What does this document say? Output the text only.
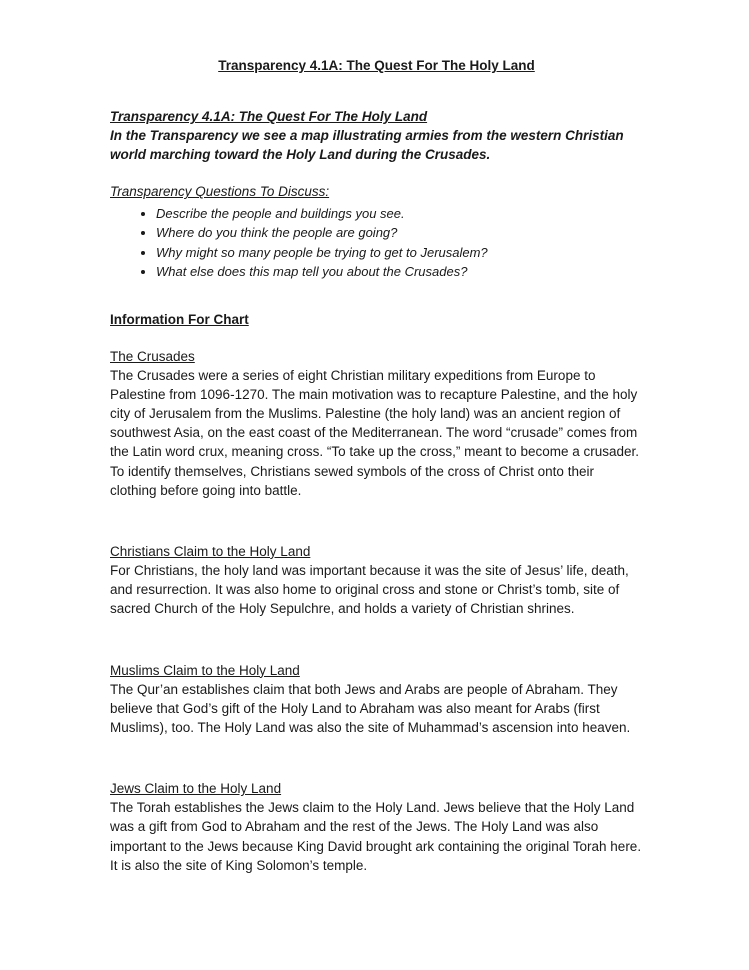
Transparency 4.1A: The Quest For The Holy Land

Transparency 4.1A: The Quest For The Holy Land

In the Transparency we see a map illustrating armies from the western Christian world marching toward the Holy Land during the Crusades.

Transparency Questions To Discuss:

• Describe the people and buildings you see.
• Where do you think the people are going?
• Why might so many people be trying to get to Jerusalem?
• What else does this map tell you about the Crusades?

Information For Chart

The Crusades

The Crusades were a series of eight Christian military expeditions from Europe to Palestine from 1096-1270. The main motivation was to recapture Palestine, and the holy city of Jerusalem from the Muslims. Palestine (the holy land) was an ancient region of southwest Asia, on the east coast of the Mediterranean. The word “crusade” comes from the Latin word crux, meaning cross. “To take up the cross,” meant to become a crusader. To identify themselves, Christians sewed symbols of the cross of Christ onto their clothing before going into battle.

Christians Claim to the Holy Land

For Christians, the holy land was important because it was the site of Jesus’ life, death, and resurrection. It was also home to original cross and stone or Christ’s tomb, site of sacred Church of the Holy Sepulchre, and holds a variety of Christian shrines.

Muslims Claim to the Holy Land

The Qur’an establishes claim that both Jews and Arabs are people of Abraham. They believe that God’s gift of the Holy Land to Abraham was also meant for Arabs (first Muslims), too. The Holy Land was also the site of Muhammad’s ascension into heaven.

Jews Claim to the Holy Land

The Torah establishes the Jews claim to the Holy Land. Jews believe that the Holy Land was a gift from God to Abraham and the rest of the Jews. The Holy Land was also important to the Jews because King David brought ark containing the original Torah here. It is also the site of King Solomon’s temple.
